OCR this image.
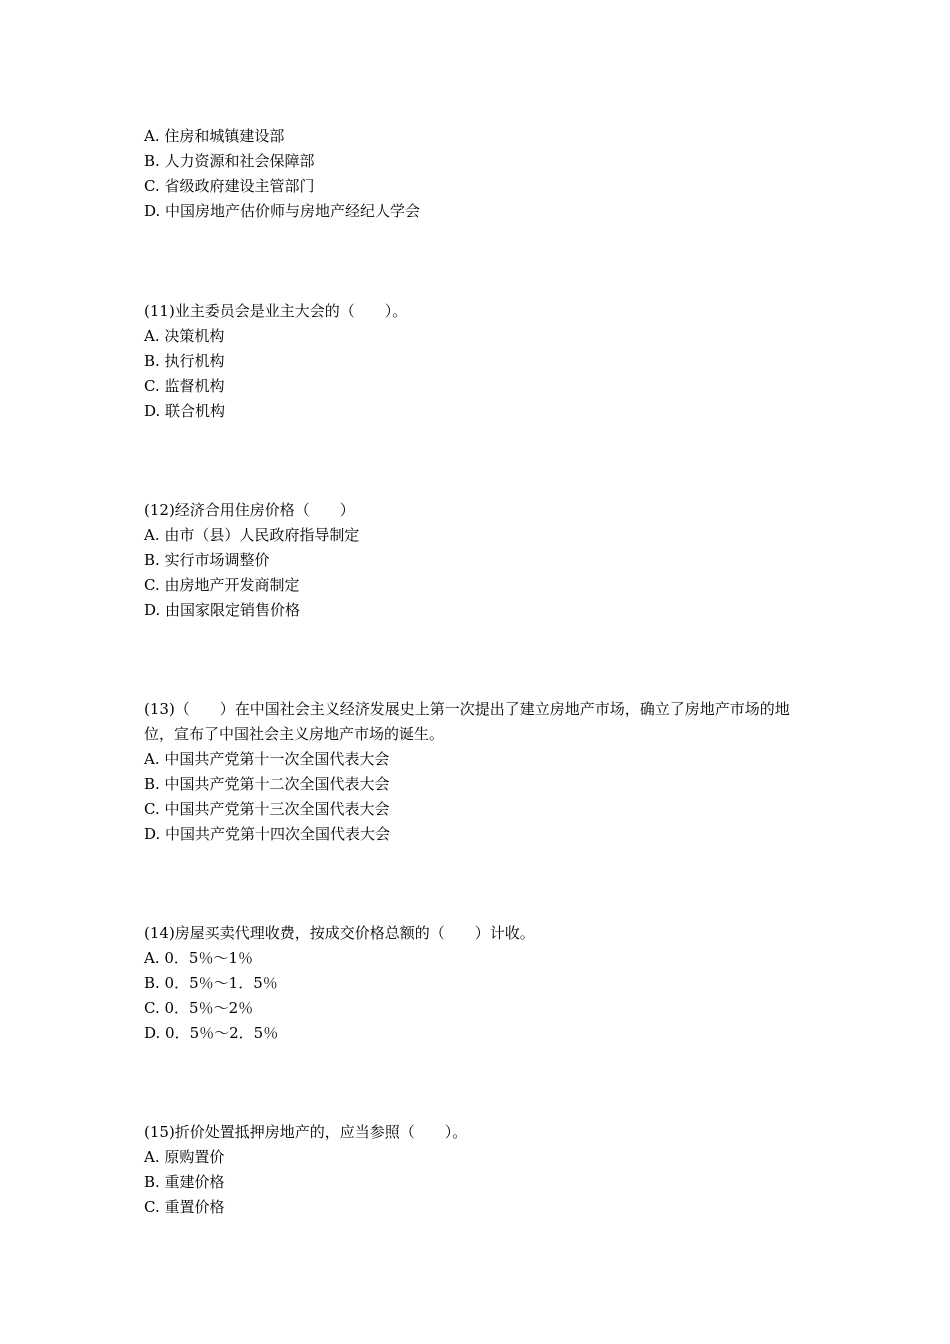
A. 住房和城镇建设部
B. 人力资源和社会保障部
C. 省级政府建设主管部门
D. 中国房地产估价师与房地产经纪人学会
(11)业主委员会是业主大会的（　　）。
A. 决策机构
B. 执行机构
C. 监督机构
D. 联合机构
(12)经济合用住房价格（　　）
A. 由市（县）人民政府指导制定
B. 实行市场调整价
C. 由房地产开发商制定
D. 由国家限定销售价格
(13)（　　）在中国社会主义经济发展史上第一次提出了建立房地产市场，确立了房地产市场的地位，宣布了中国社会主义房地产市场的诞生。
A. 中国共产党第十一次全国代表大会
B. 中国共产党第十二次全国代表大会
C. 中国共产党第十三次全国代表大会
D. 中国共产党第十四次全国代表大会
(14)房屋买卖代理收费，按成交价格总额的（　　）计收。
A. 0．5％～1％
B. 0．5％～1．5％
C. 0．5％～2％
D. 0．5％～2．5％
(15)折价处置抵押房地产的，应当参照（　　）。
A. 原购置价
B. 重建价格
C. 重置价格
